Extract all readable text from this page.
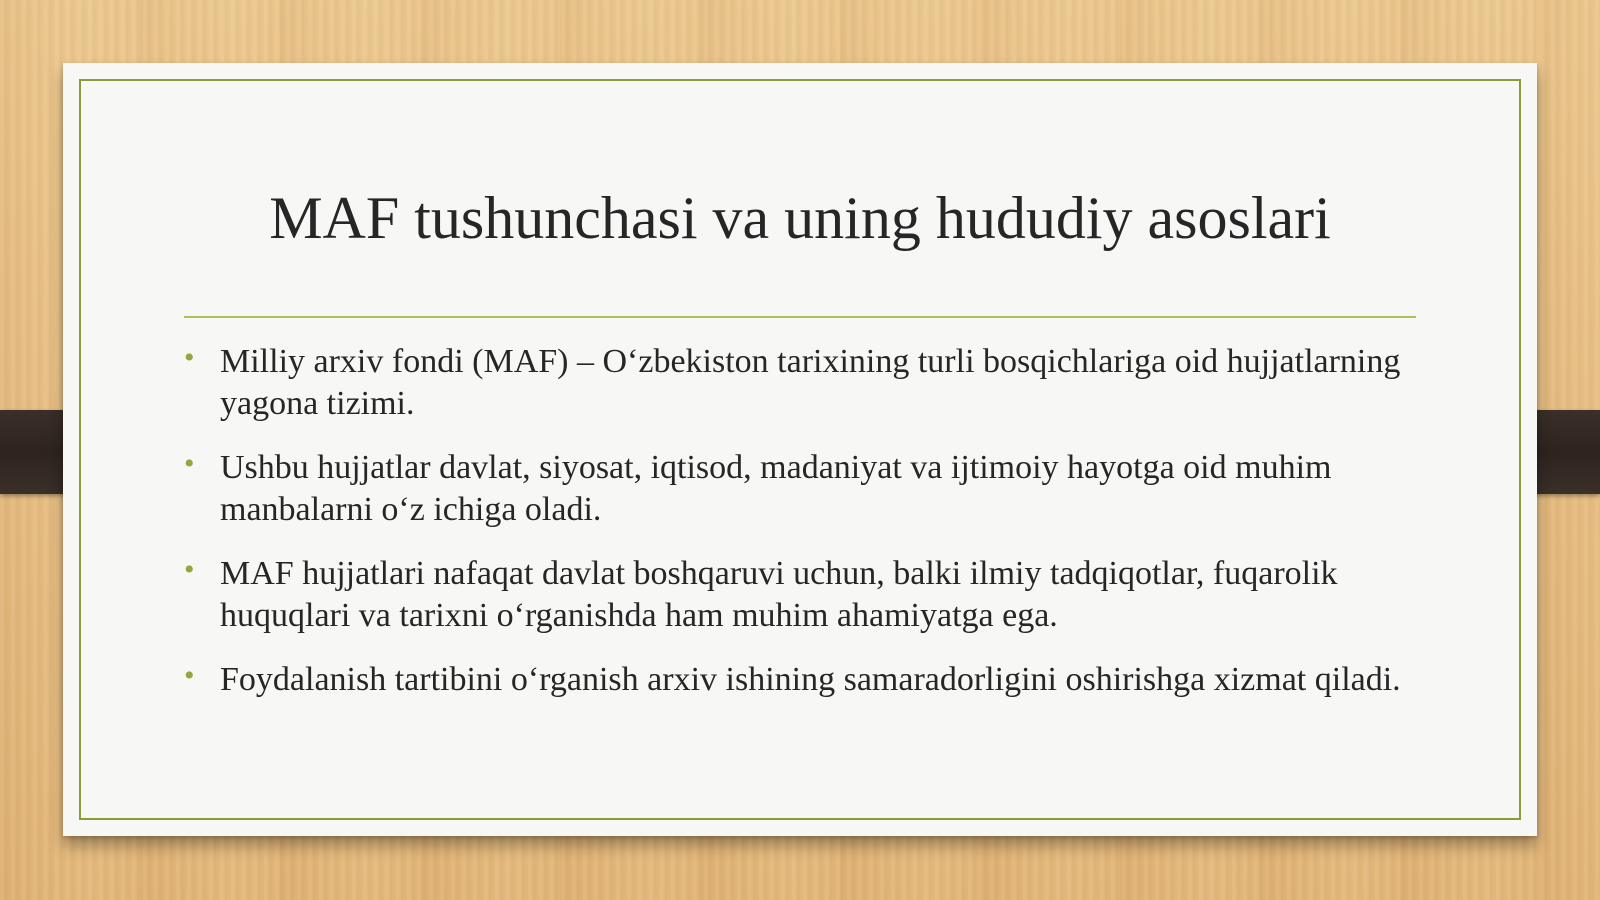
MAF tushunchasi va uning hududiy asoslari
• Milliy arxiv fondi (MAF) – O‘zbekiston tarixining turli bosqichlariga oid hujjatlarning yagona tizimi.
• Ushbu hujjatlar davlat, siyosat, iqtisod, madaniyat va ijtimoiy hayotga oid muhim manbalarni o‘z ichiga oladi.
• MAF hujjatlari nafaqat davlat boshqaruvi uchun, balki ilmiy tadqiqotlar, fuqarolik huquqlari va tarixni o‘rganishda ham muhim ahamiyatga ega.
• Foydalanish tartibini o‘rganish arxiv ishining samaradorligini oshirishga xizmat qiladi.
